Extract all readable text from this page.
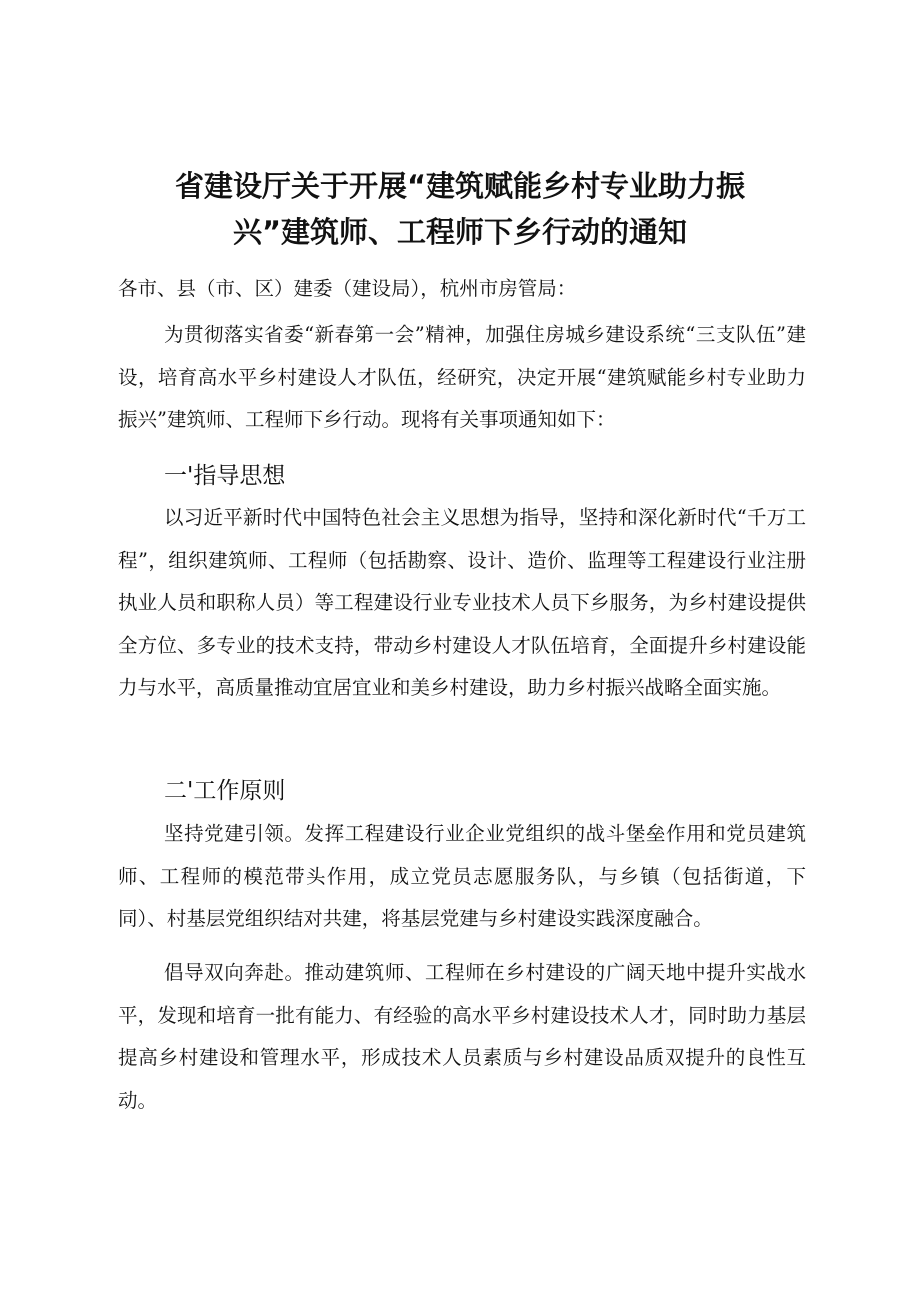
省建设厅关于开展“建筑赋能乡村专业助力振
兴”建筑师、工程师下乡行动的通知

各市、县（市、区）建委（建设局），杭州市房管局：

为贯彻落实省委“新春第一会”精神，加强住房城乡建设系统“三支队伍”建设，培育高水平乡村建设人才队伍，经研究，决定开展“建筑赋能乡村专业助力振兴”建筑师、工程师下乡行动。现将有关事项通知如下：

一'指导思想

以习近平新时代中国特色社会主义思想为指导，坚持和深化新时代“千万工程”，组织建筑师、工程师（包括勘察、设计、造价、监理等工程建设行业注册执业人员和职称人员）等工程建设行业专业技术人员下乡服务，为乡村建设提供全方位、多专业的技术支持，带动乡村建设人才队伍培育，全面提升乡村建设能力与水平，高质量推动宜居宜业和美乡村建设，助力乡村振兴战略全面实施。

二'工作原则

坚持党建引领。发挥工程建设行业企业党组织的战斗堡垒作用和党员建筑师、工程师的模范带头作用，成立党员志愿服务队，与乡镇（包括街道，下同）、村基层党组织结对共建，将基层党建与乡村建设实践深度融合。

倡导双向奔赴。推动建筑师、工程师在乡村建设的广阔天地中提升实战水平，发现和培育一批有能力、有经验的高水平乡村建设技术人才，同时助力基层提高乡村建设和管理水平，形成技术人员素质与乡村建设品质双提升的良性互动。
